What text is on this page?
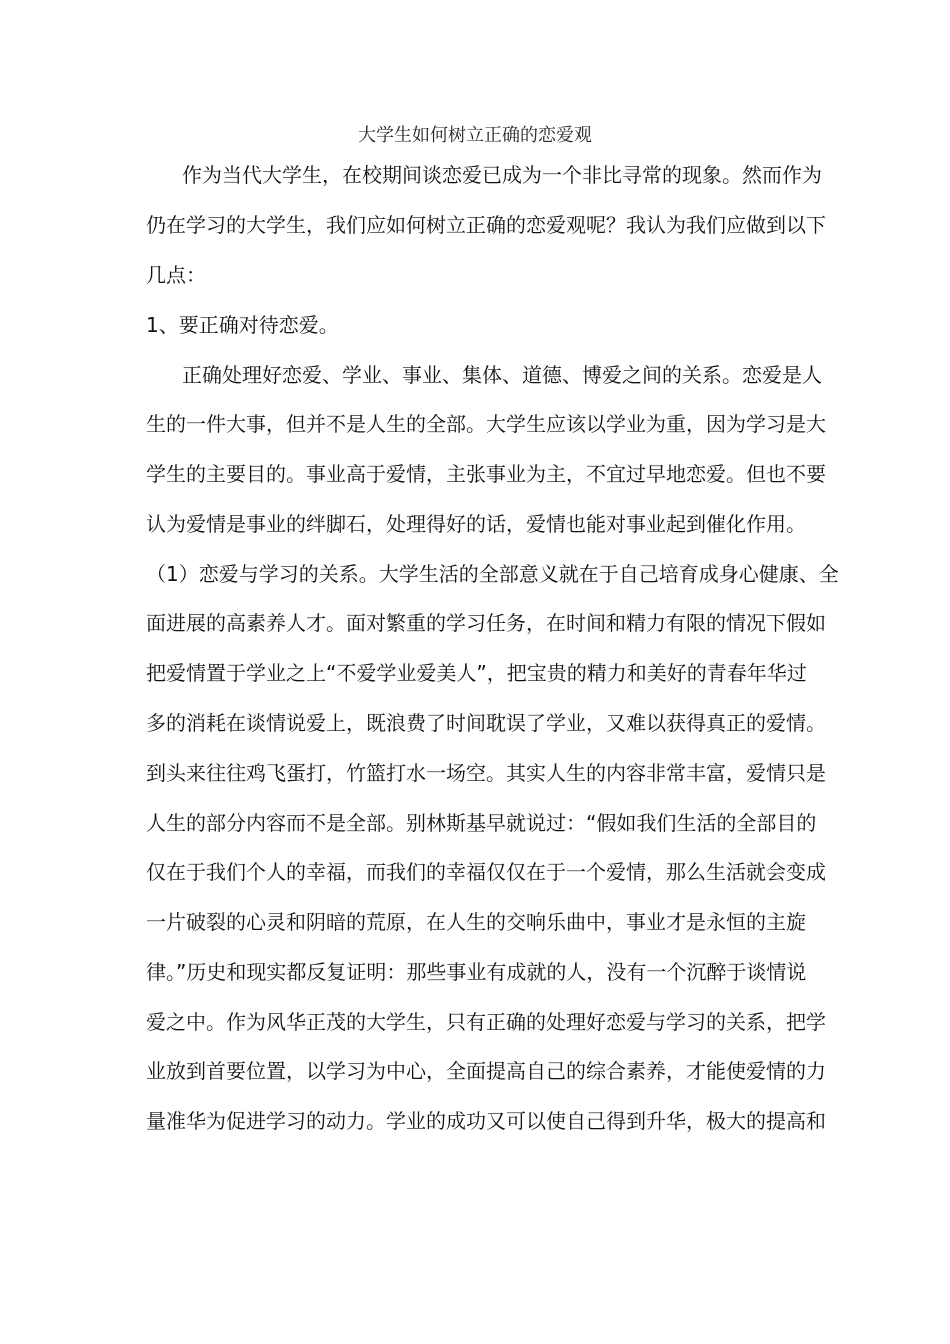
大学生如何树立正确的恋爱观
作为当代大学生，在校期间谈恋爱已成为一个非比寻常的现象。然而作为
仍在学习的大学生，我们应如何树立正确的恋爱观呢？我认为我们应做到以下
几点：
1、要正确对待恋爱。
正确处理好恋爱、学业、事业、集体、道德、博爱之间的关系。恋爱是人
生的一件大事，但并不是人生的全部。大学生应该以学业为重，因为学习是大
学生的主要目的。事业高于爱情，主张事业为主，不宜过早地恋爱。但也不要
认为爱情是事业的绊脚石，处理得好的话，爱情也能对事业起到催化作用。
（1）恋爱与学习的关系。大学生活的全部意义就在于自己培育成身心健康、全
面进展的高素养人才。面对繁重的学习任务，在时间和精力有限的情况下假如
把爱情置于学业之上“不爱学业爱美人”，把宝贵的精力和美好的青春年华过
多的消耗在谈情说爱上，既浪费了时间耽误了学业，又难以获得真正的爱情。
到头来往往鸡飞蛋打，竹篮打水一场空。其实人生的内容非常丰富，爱情只是
人生的部分内容而不是全部。别林斯基早就说过：“假如我们生活的全部目的
仅在于我们个人的幸福，而我们的幸福仅仅在于一个爱情，那么生活就会变成
一片破裂的心灵和阴暗的荒原，在人生的交响乐曲中，事业才是永恒的主旋
律。”历史和现实都反复证明：那些事业有成就的人，没有一个沉醉于谈情说
爱之中。作为风华正茂的大学生，只有正确的处理好恋爱与学习的关系，把学
业放到首要位置，以学习为中心，全面提高自己的综合素养，才能使爱情的力
量准华为促进学习的动力。学业的成功又可以使自己得到升华，极大的提高和
